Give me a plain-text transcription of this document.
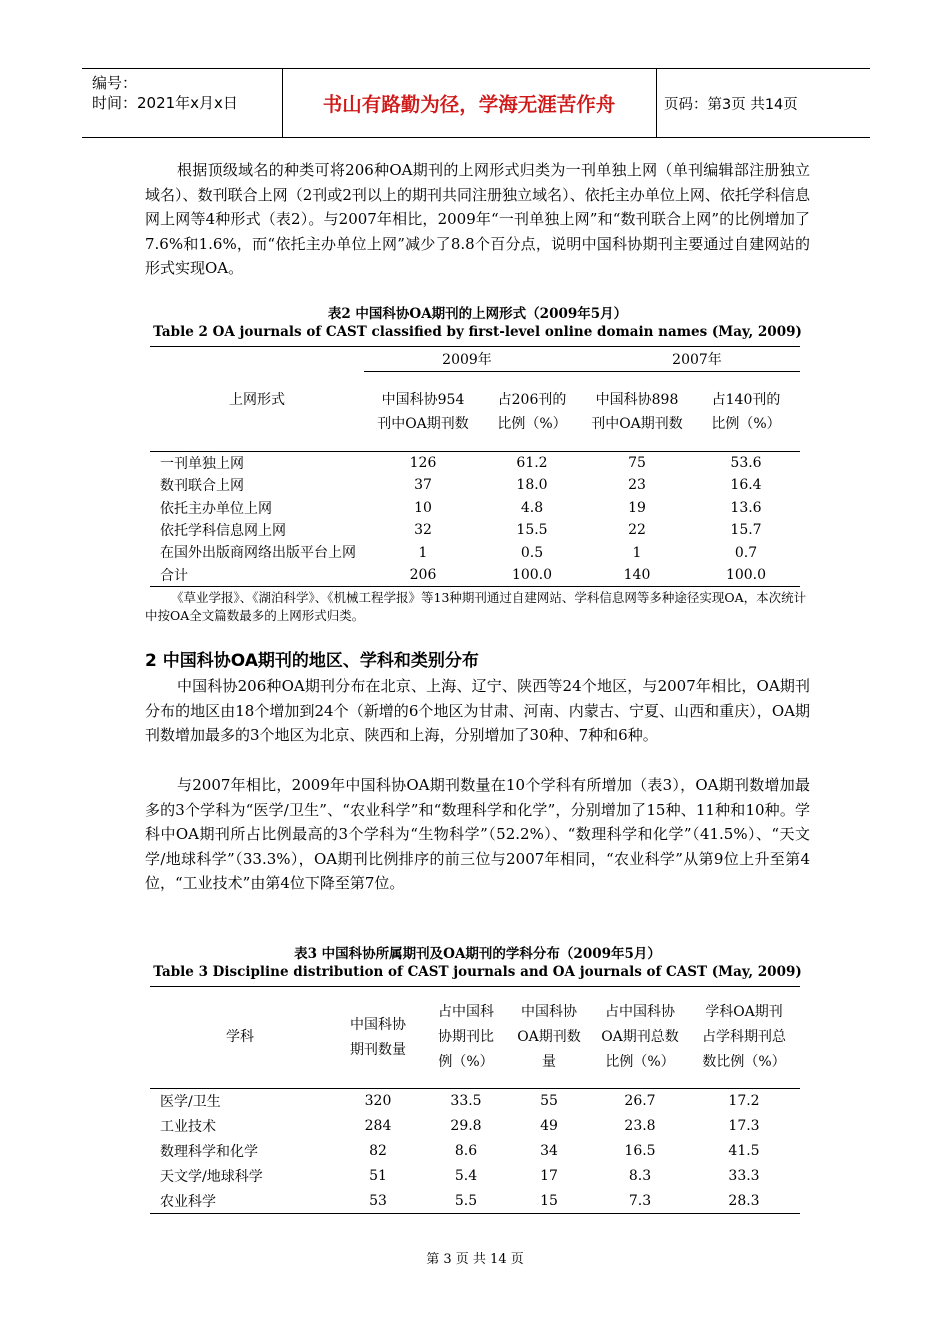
编号：
时间：2021年x月x日	书山有路勤为径，学海无涯苦作舟	页码：第3页 共14页
根据顶级域名的种类可将206种OA期刊的上网形式归类为一刊单独上网（单刊编辑部注册独立域名）、数刊联合上网（2刊或2刊以上的期刊共同注册独立域名）、依托主办单位上网、依托学科信息网上网等4种形式（表2）。与2007年相比，2009年“一刊单独上网”和“数刊联合上网”的比例增加了7.6%和1.6%，而“依托主办单位上网”减少了8.8个百分点，说明中国科协期刊主要通过自建网站的形式实现OA。
表2 中国科协OA期刊的上网形式（2009年5月）
Table 2 OA journals of CAST classified by first-level online domain names (May, 2009)
上网形式	2009年		2007年	

	中国科协954刊中OA期刊数	占206刊的比例（%）	中国科协898刊中OA期刊数	占140刊的比例（%）

一刊单独上网	126	61.2	75	53.6
数刊联合上网	37	18.0	23	16.4
依托主办单位上网	10	4.8	19	13.6
依托学科信息网上网	32	15.5	22	15.7
在国外出版商网络出版平台上网	1	0.5	1	0.7
合计	206	100.0	140	100.0
《草业学报》、《湖泊科学》、《机械工程学报》等13种期刊通过自建网站、学科信息网等多种途径实现OA，本次统计中按OA全文篇数最多的上网形式归类。
2 中国科协OA期刊的地区、学科和类别分布
中国科协206种OA期刊分布在北京、上海、辽宁、陕西等24个地区，与2007年相比，OA期刊分布的地区由18个增加到24个（新增的6个地区为甘肃、河南、内蒙古、宁夏、山西和重庆），OA期刊数增加最多的3个地区为北京、陕西和上海，分别增加了30种、7种和6种。
与2007年相比，2009年中国科协OA期刊数量在10个学科有所增加（表3），OA期刊数增加最多的3个学科为“医学/卫生”、“农业科学”和“数理科学和化学”，分别增加了15种、11种和10种。学科中OA期刊所占比例最高的3个学科为“生物科学”（52.2%）、“数理科学和化学”（41.5%）、“天文学/地球科学”（33.3%），OA期刊比例排序的前三位与2007年相同，“农业科学”从第9位上升至第4位，“工业技术”由第4位下降至第7位。
表3 中国科协所属期刊及OA期刊的学科分布（2009年5月）
Table 3 Discipline distribution of CAST journals and OA journals of CAST (May, 2009)
学科	中国科协期刊数量	占中国科协期刊比例（%）	中国科协OA期刊数量	占中国科协OA期刊总数比例（%）	学科OA期刊占学科期刊总数比例（%）

医学/卫生	320	33.5	55	26.7	17.2
工业技术	284	29.8	49	23.8	17.3
数理科学和化学	82	8.6	34	16.5	41.5
天文学/地球科学	51	5.4	17	8.3	33.3
农业科学	53	5.5	15	7.3	28.3
第 3 页 共 14 页
